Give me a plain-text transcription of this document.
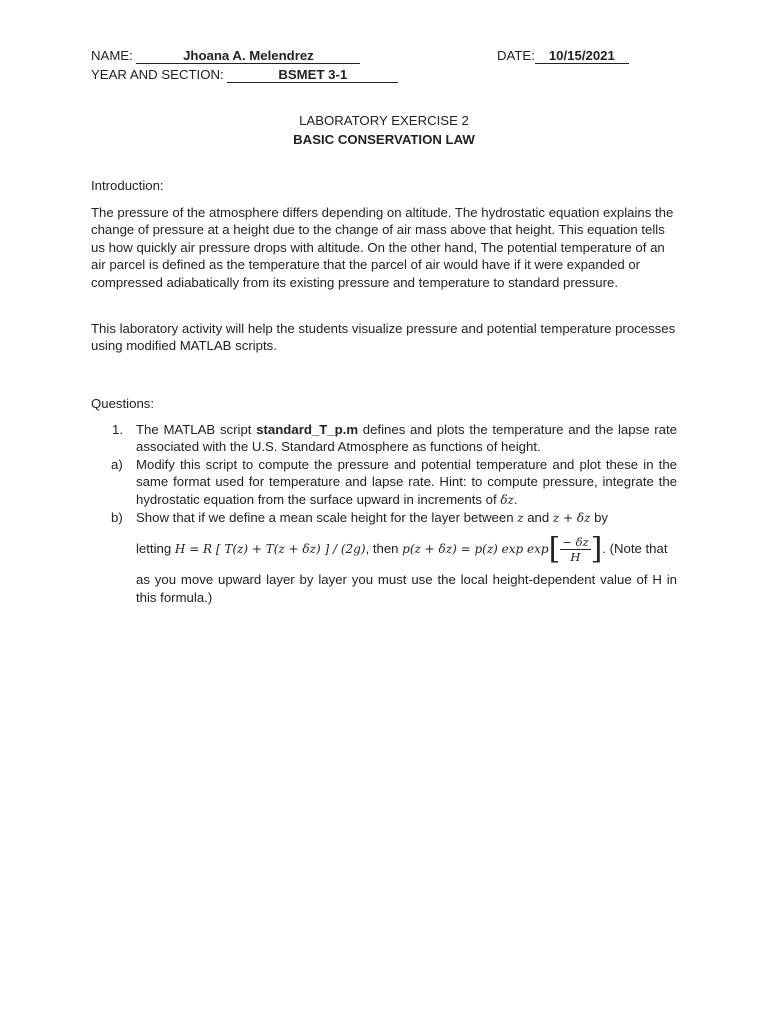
NAME:	Jhoana A. Melendrez	DATE: 10/15/2021
YEAR AND SECTION:	BSMET 3-1
LABORATORY EXERCISE 2
BASIC CONSERVATION LAW
Introduction:
The pressure of the atmosphere differs depending on altitude. The hydrostatic equation explains the change of pressure at a height due to the change of air mass above that height. This equation tells us how quickly air pressure drops with altitude. On the other hand, The potential temperature of an air parcel is defined as the temperature that the parcel of air would have if it were expanded or compressed adiabatically from its existing pressure and temperature to standard pressure.
This laboratory activity will help the students visualize pressure and potential temperature processes using modified MATLAB scripts.
Questions:
1. The MATLAB script standard_T_p.m defines and plots the temperature and the lapse rate associated with the U.S. Standard Atmosphere as functions of height.
a) Modify this script to compute the pressure and potential temperature and plot these in the same format used for temperature and lapse rate. Hint: to compute pressure, integrate the hydrostatic equation from the surface upward in increments of δz.
b) Show that if we define a mean scale height for the layer between z and z + δz by
letting H = R [ T(z) + T(z + δz) ] / (2g), then p(z + δz) = p(z) $\exp \exp[ \frac{- \delta z}{H}$ ]. (Note that
as you move upward layer by layer you must use the local height-dependent value of H in this formula.)
